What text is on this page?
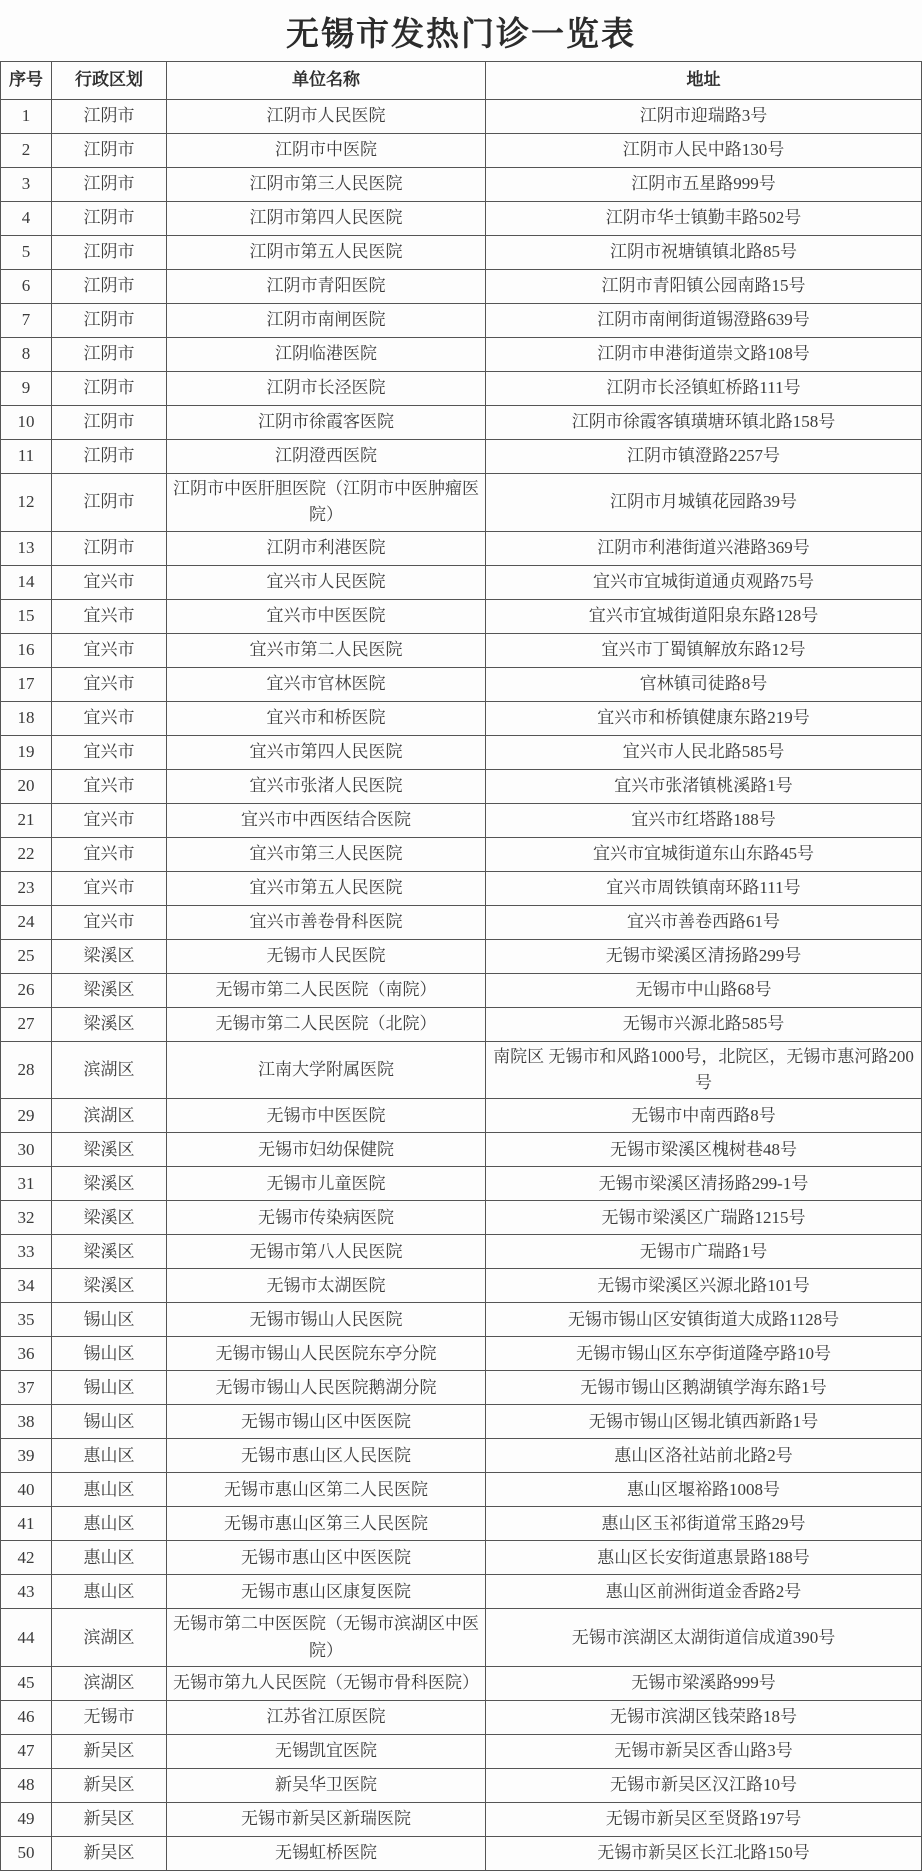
无锡市发热门诊一览表
序号	行政区划	单位名称	地址
1	江阴市	江阴市人民医院	江阴市迎瑞路3号
2	江阴市	江阴市中医院	江阴市人民中路130号
3	江阴市	江阴市第三人民医院	江阴市五星路999号
4	江阴市	江阴市第四人民医院	江阴市华士镇勤丰路502号
5	江阴市	江阴市第五人民医院	江阴市祝塘镇镇北路85号
6	江阴市	江阴市青阳医院	江阴市青阳镇公园南路15号
7	江阴市	江阴市南闸医院	江阴市南闸街道锡澄路639号
8	江阴市	江阴临港医院	江阴市申港街道崇文路108号
9	江阴市	江阴市长泾医院	江阴市长泾镇虹桥路111号
10	江阴市	江阴市徐霞客医院	江阴市徐霞客镇璜塘环镇北路158号
11	江阴市	江阴澄西医院	江阴市镇澄路2257号
12	江阴市	江阴市中医肝胆医院（江阴市中医肿瘤医院）	江阴市月城镇花园路39号
13	江阴市	江阴市利港医院	江阴市利港街道兴港路369号
14	宜兴市	宜兴市人民医院	宜兴市宜城街道通贞观路75号
15	宜兴市	宜兴市中医医院	宜兴市宜城街道阳泉东路128号
16	宜兴市	宜兴市第二人民医院	宜兴市丁蜀镇解放东路12号
17	宜兴市	宜兴市官林医院	官林镇司徒路8号
18	宜兴市	宜兴市和桥医院	宜兴市和桥镇健康东路219号
19	宜兴市	宜兴市第四人民医院	宜兴市人民北路585号
20	宜兴市	宜兴市张渚人民医院	宜兴市张渚镇桃溪路1号
21	宜兴市	宜兴市中西医结合医院	宜兴市红塔路188号
22	宜兴市	宜兴市第三人民医院	宜兴市宜城街道东山东路45号
23	宜兴市	宜兴市第五人民医院	宜兴市周铁镇南环路111号
24	宜兴市	宜兴市善卷骨科医院	宜兴市善卷西路61号
25	梁溪区	无锡市人民医院	无锡市梁溪区清扬路299号
26	梁溪区	无锡市第二人民医院（南院）	无锡市中山路68号
27	梁溪区	无锡市第二人民医院（北院）	无锡市兴源北路585号
28	滨湖区	江南大学附属医院	南院区 无锡市和风路1000号，北院区，无锡市惠河路200号
29	滨湖区	无锡市中医医院	无锡市中南西路8号
30	梁溪区	无锡市妇幼保健院	无锡市梁溪区槐树巷48号
31	梁溪区	无锡市儿童医院	无锡市梁溪区清扬路299-1号
32	梁溪区	无锡市传染病医院	无锡市梁溪区广瑞路1215号
33	梁溪区	无锡市第八人民医院	无锡市广瑞路1号
34	梁溪区	无锡市太湖医院	无锡市梁溪区兴源北路101号
35	锡山区	无锡市锡山人民医院	无锡市锡山区安镇街道大成路1128号
36	锡山区	无锡市锡山人民医院东亭分院	无锡市锡山区东亭街道隆亭路10号
37	锡山区	无锡市锡山人民医院鹅湖分院	无锡市锡山区鹅湖镇学海东路1号
38	锡山区	无锡市锡山区中医医院	无锡市锡山区锡北镇西新路1号
39	惠山区	无锡市惠山区人民医院	惠山区洛社站前北路2号
40	惠山区	无锡市惠山区第二人民医院	惠山区堰裕路1008号
41	惠山区	无锡市惠山区第三人民医院	惠山区玉祁街道常玉路29号
42	惠山区	无锡市惠山区中医医院	惠山区长安街道惠景路188号
43	惠山区	无锡市惠山区康复医院	惠山区前洲街道金香路2号
44	滨湖区	无锡市第二中医医院（无锡市滨湖区中医院）	无锡市滨湖区太湖街道信成道390号
45	滨湖区	无锡市第九人民医院（无锡市骨科医院）	无锡市梁溪路999号
46	无锡市	江苏省江原医院	无锡市滨湖区钱荣路18号
47	新吴区	无锡凯宜医院	无锡市新吴区香山路3号
48	新吴区	新吴华卫医院	无锡市新吴区汉江路10号
49	新吴区	无锡市新吴区新瑞医院	无锡市新吴区至贤路197号
50	新吴区	无锡虹桥医院	无锡市新吴区长江北路150号
